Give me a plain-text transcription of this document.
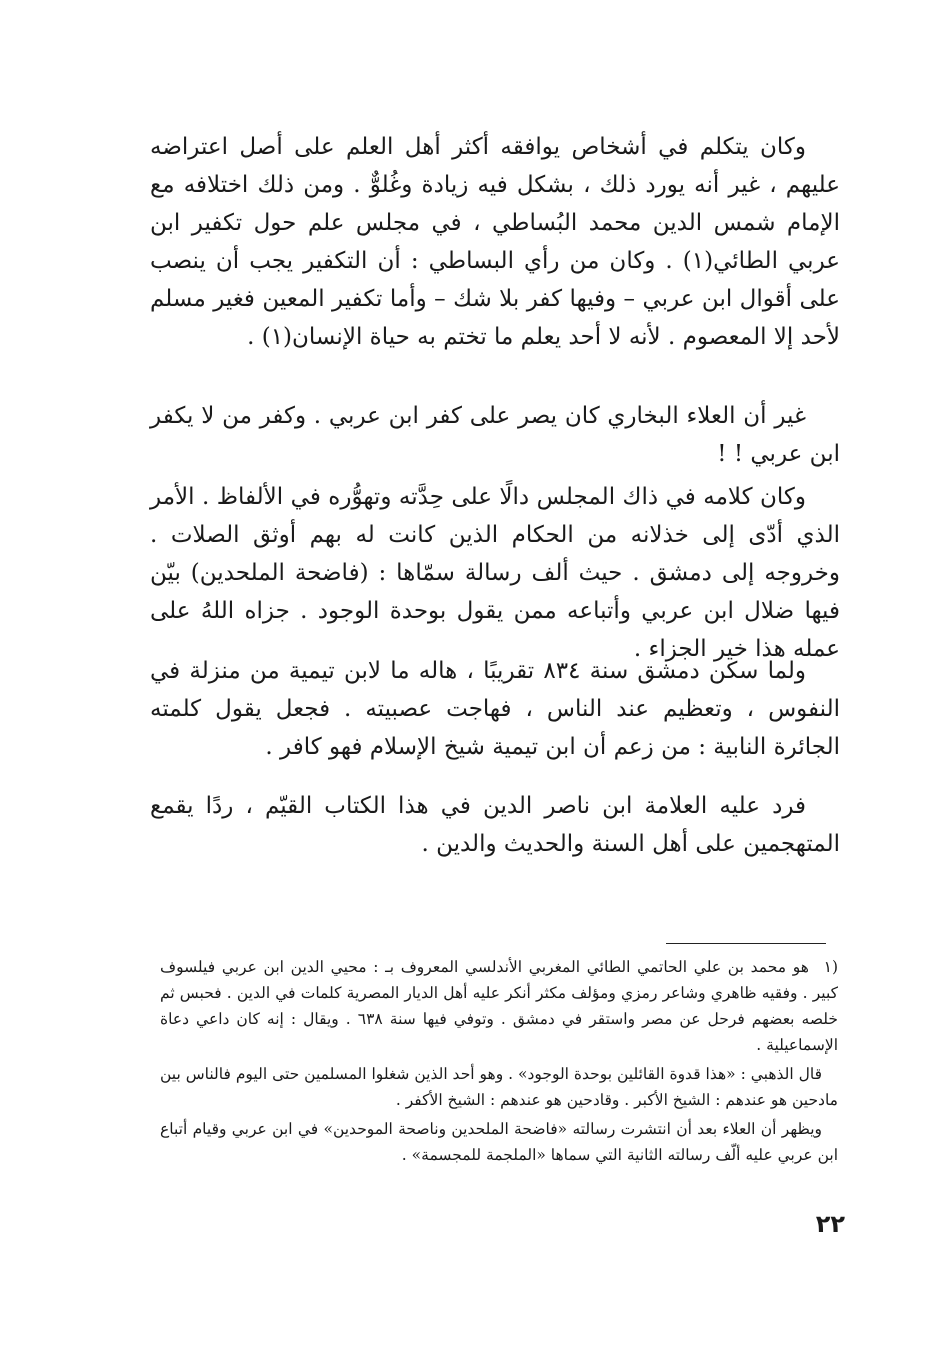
وكان يتكلم في أشخاص يوافقه أكثر أهل العلم على أصل اعتراضه عليهم ، غير أنه يورد ذلك ، بشكل فيه زيادة وغُلوٌّ . ومن ذلك اختلافه مع الإمام شمس الدين محمد البُساطي ، في مجلس علم حول تكفير ابن عربي الطائي(١) . وكان من رأي البساطي : أن التكفير يجب أن ينصب على أقوال ابن عربي – وفيها كفر بلا شك – وأما تكفير المعين فغير مسلم لأحد إلا المعصوم . لأنه لا أحد يعلم ما تختم به حياة الإنسان(١) .

غير أن العلاء البخاري كان يصر على كفر ابن عربي . وكفر من لا يكفر ابن عربي ! !

وكان كلامه في ذاك المجلس دالًا على حِدَّته وتهوُّره في الألفاظ . الأمر الذي أدّى إلى خذلانه من الحكام الذين كانت له بهم أوثق الصلات . وخروجه إلى دمشق . حيث ألف رسالة سمّاها : (فاضحة الملحدين) بيّن فيها ضلال ابن عربي وأتباعه ممن يقول بوحدة الوجود . جزاه اللهُ على عمله هذا خير الجزاء .

ولما سكن دمشق سنة ٨٣٤ تقريبًا ، هاله ما لابن تيمية من منزلة في النفوس ، وتعظيم عند الناس ، فهاجت عصبيته . فجعل يقول كلمته الجائرة النابية : من زعم أن ابن تيمية شيخ الإسلام فهو كافر .

فرد عليه العلامة ابن ناصر الدين في هذا الكتاب القيّم ، ردًا يقمع المتهجمين على أهل السنة والحديث والدين .

(١ هو محمد بن علي الحاتمي الطائي المغربي الأندلسي المعروف بـ : محيي الدين ابن عربي فيلسوف كبير . وفقيه ظاهري وشاعر رمزي ومؤلف مكثر أنكر عليه أهل الديار المصرية كلمات في الدين . فحبس ثم خلصه بعضهم فرحل عن مصر واستقر في دمشق . وتوفي فيها سنة ٦٣٨ . ويقال : إنه كان داعي دعاة الإسماعيلية .

قال الذهبي : «هذا قدوة القائلين بوحدة الوجود» . وهو أحد الذين شغلوا المسلمين حتى اليوم فالناس بين مادحين هو عندهم : الشيخ الأكبر . وقادحين هو عندهم : الشيخ الأكفر .

ويظهر أن العلاء بعد أن انتشرت رسالته «فاضحة الملحدين وناصحة الموحدين» في ابن عربي وقيام أتباع ابن عربي عليه ألّف رسالته الثانية التي سماها «الملجمة للمجسمة» .

٢٢
